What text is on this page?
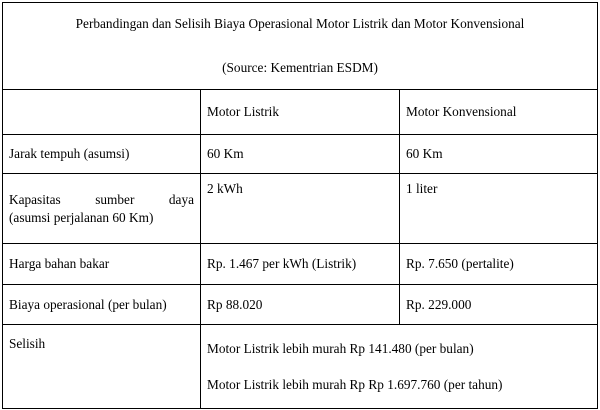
Perbandingan dan Selisih Biaya Operasional Motor Listrik dan Motor Konvensional
(Source: Kementrian ESDM)		

	Motor Listrik	Motor Konvensional
Jarak tempuh (asumsi)	60 Km	60 Km

Kapasitas sumber daya
(asumsi perjalanan 60 Km)	2 kWh	1 liter
Harga bahan bakar	Rp. 1.467 per kWh (Listrik)	Rp. 7.650 (pertalite)
Biaya operasional (per bulan)	Rp 88.020	Rp. 229.000
Selisih	Motor Listrik lebih murah Rp 141.480 (per bulan)
Motor Listrik lebih murah Rp Rp 1.697.760 (per tahun)	
